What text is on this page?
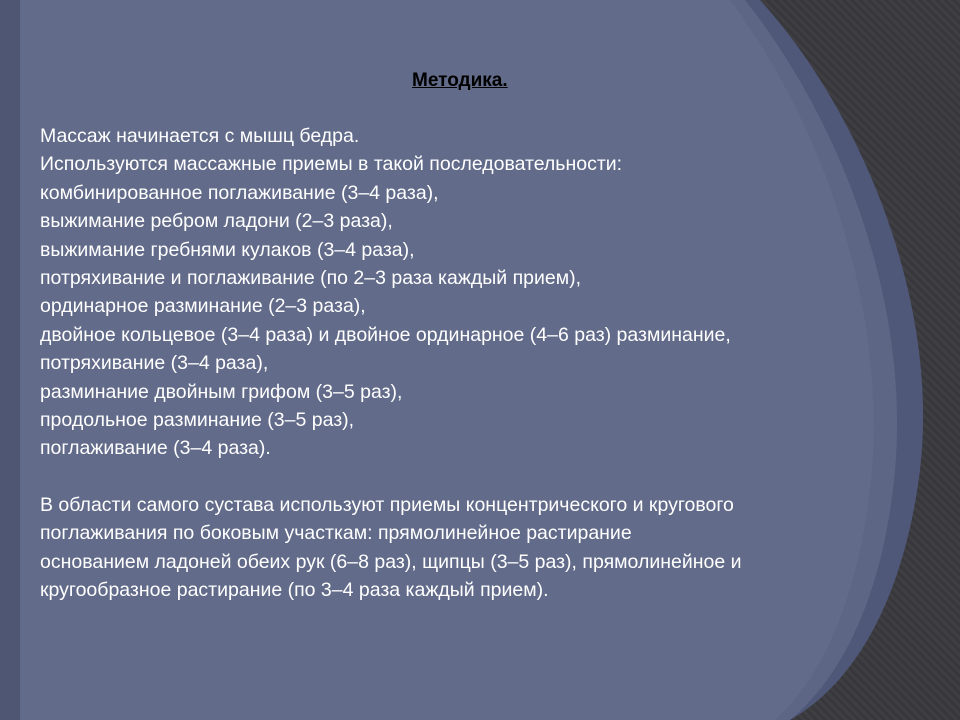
Методика.
Массаж начинается с мышц бедра.
Используются массажные приемы в такой последовательности:
комбинированное поглаживание (3–4 раза),
выжимание ребром ладони (2–3 раза),
выжимание гребнями кулаков (3–4 раза),
потряхивание и поглаживание (по 2–3 раза каждый прием),
ординарное разминание (2–3 раза),
двойное кольцевое (3–4 раза) и двойное ординарное (4–6 раз) разминание,
потряхивание (3–4 раза),
разминание двойным грифом (3–5 раз),
продольное разминание (3–5 раз),
поглаживание (3–4 раза).
В области самого сустава используют приемы концентрического и кругового
поглаживания по боковым участкам: прямолинейное растирание
основанием ладоней обеих рук (6–8 раз), щипцы (3–5 раз), прямолинейное и
кругообразное растирание (по 3–4 раза каждый прием).
